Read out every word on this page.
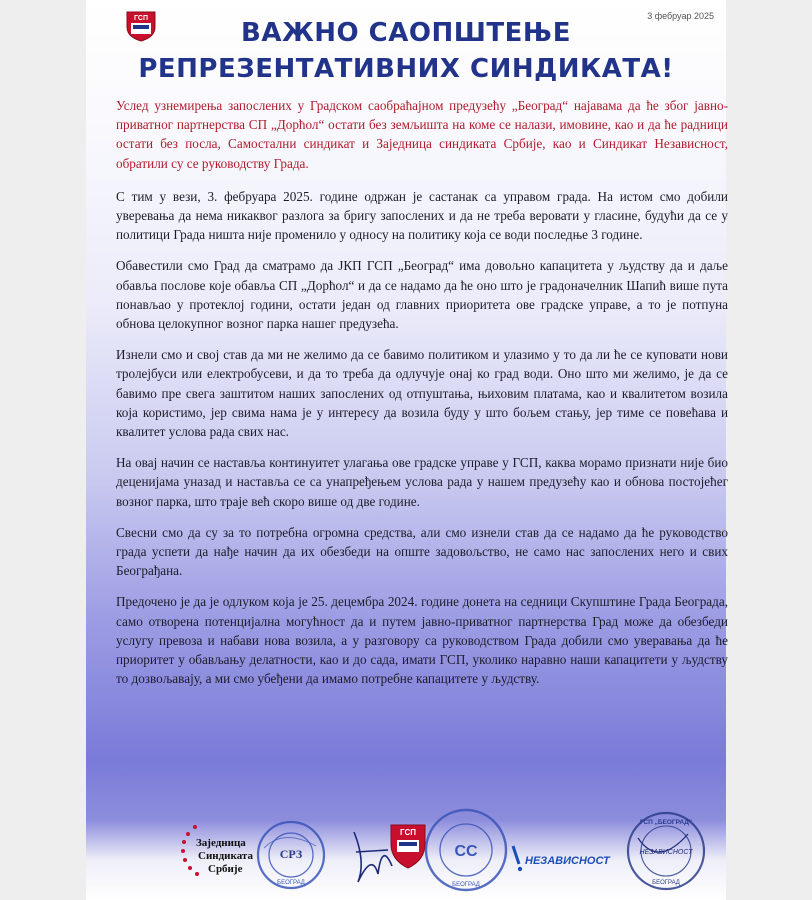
ГСП	3 фебруар 2025
ВАЖНО САОПШТЕЊЕ
РЕПРЕЗЕНТАТИВНИХ СИНДИКАТА!

Услед узнемирења запослених у Градском саобраћајном предузећу „Београд“ најавама да ће због јавно-приватног партнерства СП „Дорћол“ остати без земљишта на коме се налази, имовине, као и да ће радници остати без посла, Самостални синдикат и Заједница синдиката Србије, као и Синдикат Независност, обратили су се руководству Града.

С тим у вези, 3. фебруара 2025. године одржан је састанак са управом града. На истом смо добили уверевања да нема никаквог разлога за бригу запослених и да не треба веровати у гласине, будући да се у политици Града ништа није променило у односу на политику која се води последње 3 године.

Обавестили смо Град да сматрамо да ЈКП ГСП „Београд“ има довољно капацитета у људству да и даље обавља послове које обавља СП „Дорћол“ и да се надамо да ће оно што је градоначелник Шапић више пута понављао у протеклој години, остати један од главних приоритета ове градске управе, а то је потпуна обнова целокупног возног парка нашег предузећа.

Изнели смо и свој став да ми не желимо да се бавимо политиком и улазимо у то да ли ће се куповати нови тролејбуси или електробусеви, и да то треба да одлучује онај ко град води. Оно што ми желимо, је да се бавимо пре свега заштитом наших запослених од отпуштања, њиховим платама, као и квалитетом возила која користимо, јер свима нама је у интересу да возила буду у што бољем стању, јер тиме се повећава и квалитет услова рада свих нас.

На овај начин се наставља континуитет улагања ове градске управе у ГСП, каква морамо признати није био деценијама уназад и наставља се са унапређењем услова рада у нашем предузећу као и обнова постојећег возног парка, што траје већ скоро више од две године.

Свесни смо да су за то потребна огромна средства, али смо изнели став да се надамо да ће руководство града успети да нађе начин да их обезбеди на опште задовољство, не само нас запослених него и свих Београђана.

Предочено је да је одлуком која је 25. децембра 2024. године донета на седници Скупштине Града Београда, само отворена потенцијална могућност да и путем јавно-приватног партнерства Град може да обезбеди услугу превоза и набави нова возила, а у разговору са руководством Града добили смо уверавања да ће приоритет у обављању делатности, као и до сада, имати ГСП, уколико наравно наши капацитети у људству то дозвољавају, а ми смо убеђени да имамо потребне капацитете у људству.

Заједница
Синдиката
Србије
СРЗ
БЕОГРАД
ГСП
СС
БЕОГРАД
НЕЗАВИСНОСТ
ГСП „БЕОГРАД“
НЕЗАВИСНОСТ
БЕОГРАД
